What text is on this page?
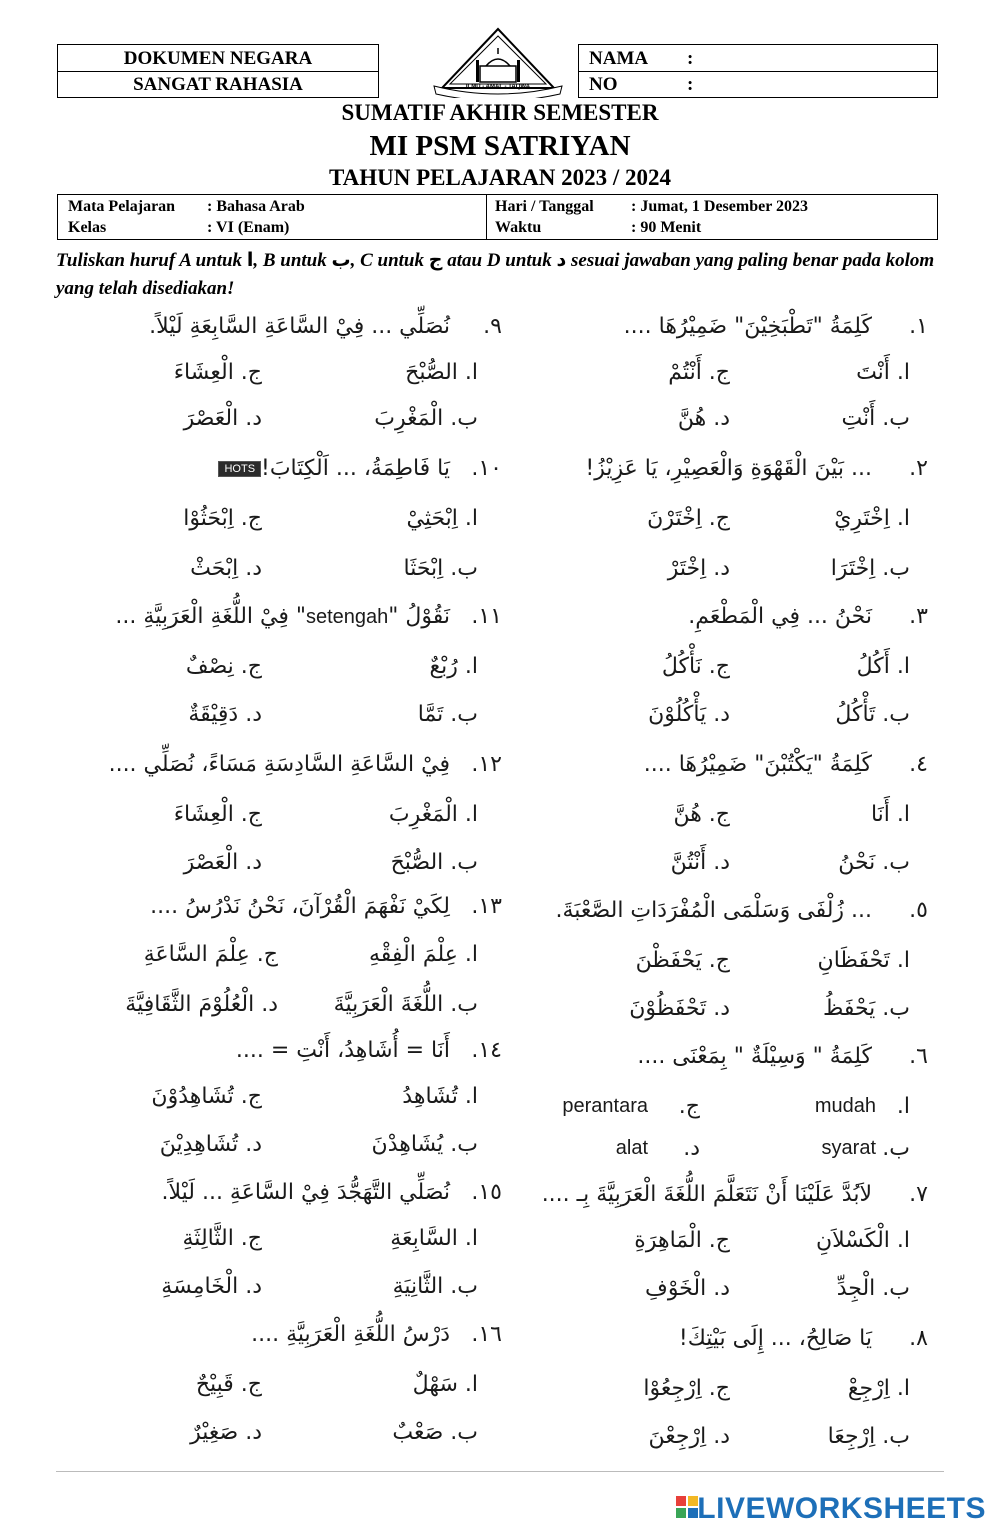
DOKUMEN NEGARA
SANGAT RAHASIA	ILMU - AMAL - TAQWA
NAMA :
NO	:
SUMATIF AKHIR SEMESTER
MI PSM SATRIYAN
TAHUN PELAJARAN 2023 / 2024
Mata Pelajaran : Bahasa Arab
Kelas	: VI (Enam)
Hari / Tanggal : Jumat, 1 Desember 2023
Waktu	: 90 Menit
Tuliskan huruf A untuk ا, B untuk ب, C untuk ج atau D untuk د sesuai jawaban yang paling benar pada kolom yang telah disediakan!
١.
كَلِمَةُ "تَطْبَخِيْنَ" ضَمِيْرُهَا ....
ا. أَنْتَ
ج. أَنْتُمْ
ب. أَنْتِ
د. هُنَّ
٢.
... بَيْنَ الْقَهْوَةِ وَالْعَصِيْرِ، يَا عَزِيْزُ!
ا. اِخْتَرِيْ
ج. اِخْتَرْنَ
ب. اِخْتَرَا
د. اِخْتَرْ
٣.
نَحْنُ ... فِي الْمَطْعَمِ.
ا. أَكُلُ
ج. نَأْكُلُ
ب. تَأْكُلُ
د. يَأْكُلُوْنَ
٤.
كَلِمَةُ "يَكْتُبْنَ" ضَمِيْرُهَا ....
ا. أَنَا
ج. هُنَّ
ب. نَحْنُ
د. أَنْتُنَّ
٥.
... زُلْفَى وَسَلْمَى الْمُفْرَدَاتِ الصَّعْبَةَ.
ا. تَحْفَظَانِ
ج. يَحْفَظْنَ
ب. يَحْفَظُ
د. تَحْفَظُوْنَ
٦.
كَلِمَةُ " وَسِيْلَةٌ " بِمَعْنَى ....
ا.
mudah
ج.
perantara
ب.
syarat
د.
alat
٧.
لاَبُدَّ عَلَيْنَا أَنْ نَتَعَلَّمَ اللُّغَةَ الْعَرَبِيَّةَ بِـ ....
ا. الْكَسْلاَنِ
ج. الْمَاهِرَةِ
ب. الْجِدِّ
د. الْخَوْفِ
٨.
يَا صَالِحُ، ... إِلَى بَيْتِكَ!
ا. اِرْجِعْ
ج. اِرْجِعُوْا
ب. اِرْجِعَا
د. اِرْجِعْنَ
٩.
نُصَلِّي ... فِيْ السَّاعَةِ السَّابِعَةِ لَيْلاً.
ا. الصُّبْحَ
ج. الْعِشَاءَ
ب. الْمَغْرِبَ
د. الْعَصْرَ
١٠.
يَا فَاطِمَةُ، ... اَلْكِتَابَ!HOTS
ا. اِبْحَثِيْ
ج. اِبْحَثُوْا
ب. اِبْحَثَا
د. اِبْحَثْ
١١.
نَقُوْلُ "setengah" فِيْ اللُّغَةِ الْعَرَبِيَّةِ ...
ا. رُبْعٌ
ج. نِصْفٌ
ب. تَمَّا
د. دَقِيْقَةٌ
١٢.
فِيْ السَّاعَةِ السَّادِسَةِ مَسَاءً، نُصَلِّي ....
ا. الْمَغْرِبَ
ج. الْعِشَاءَ
ب. الصُّبْحَ
د. الْعَصْرَ
١٣.
لِكَيْ نَفْهَمَ الْقُرْآنَ، نَحْنُ نَدْرُسُ ....
ا. عِلْمَ الْفِقْهِ
ج. عِلْمَ السَّاعَةِ
ب. اللُّغَةَ الْعَرَبِيَّةَ
د. الْعُلُوْمَ الثَّقَافِيَّةَ
١٤.
أَنَا = أُشَاهِدُ، أَنْتِ = ....
ا. تُشَاهِدُ
ج. تُشَاهِدُوْنَ
ب. يُشَاهِدْنَ
د. تُشَاهِدِيْنَ
١٥.
نُصَلِّي التَّهَجُّدَ فِيْ السَّاعَةِ ... لَيْلاً.
ا. السَّابِعَةِ
ج. الثَّالِثَةِ
ب. الثَّانِيَةِ
د. الْخَامِسَةِ
١٦.
دَرْسُ اللُّغَةِ الْعَرَبِيَّةِ ....
ا. سَهْلٌ
ج. قَبِيْحٌ
ب. صَعْبٌ
د. صَغِيْرٌ
LIVEWORKSHEETS
